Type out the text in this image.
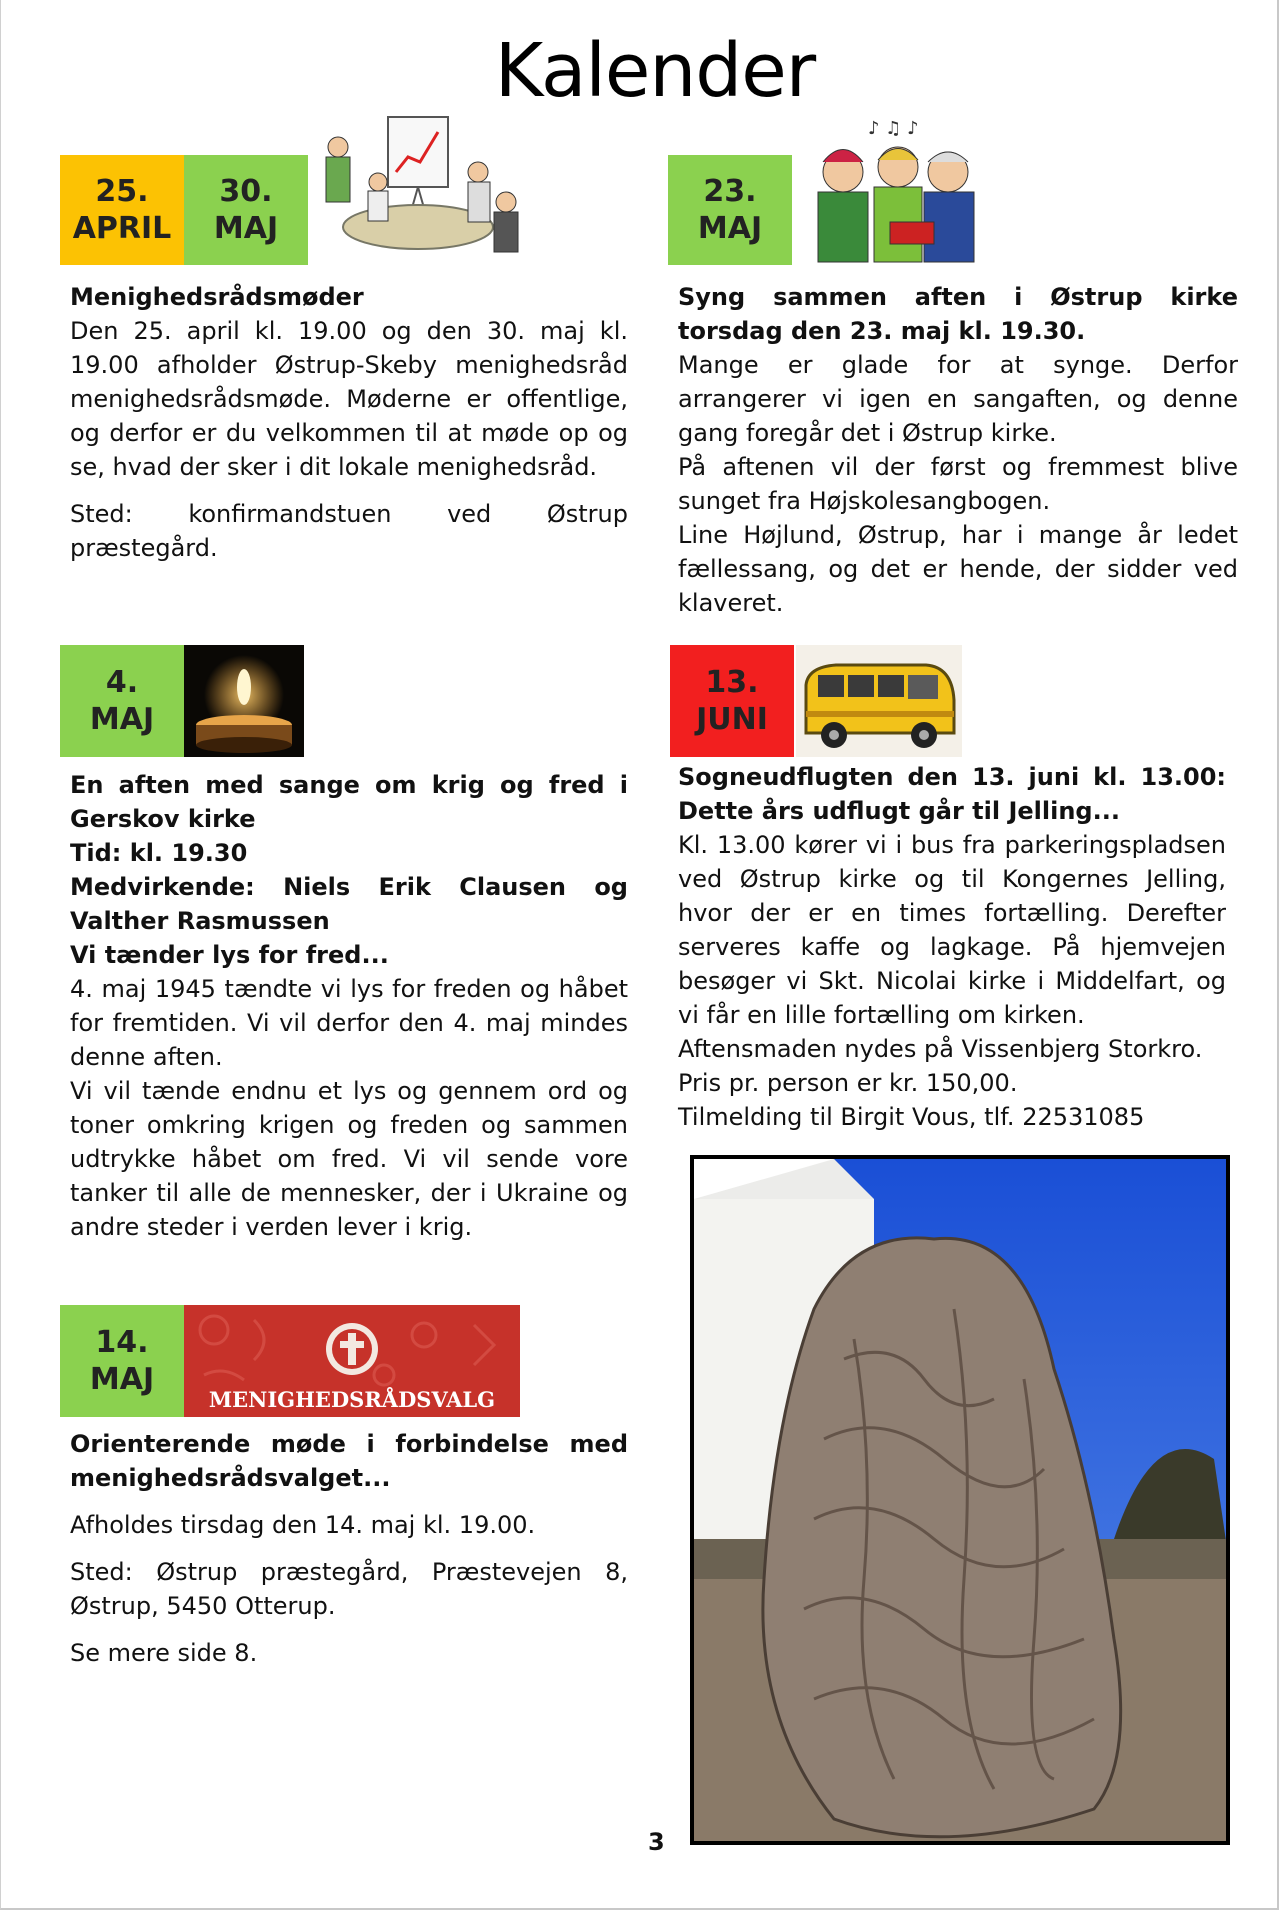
Kalender
25.
APRIL
30.
MAJ

Menighedsrådsmøder

Den 25. april kl. 19.00 og den 30. maj kl. 19.00 afholder Østrup-Skeby menighedsråd menighedsrådsmøde. Møderne er offentlige, og derfor er du velkommen til at møde op og se, hvad der sker i dit lokale menighedsråd.

Sted: konfirmandstuen ved Østrup præstegård.

23.
MAJ
♪ ♫ ♪

Syng sammen aften i Østrup kirke torsdag den 23. maj kl. 19.30.

Mange er glade for at synge. Derfor arrangerer vi igen en sangaften, og denne gang foregår det i Østrup kirke.

På aftenen vil der først og fremmest blive sunget fra Højskolesangbogen.

Line Højlund, Østrup, har i mange år ledet fællessang, og det er hende, der sidder ved klaveret.

4.
MAJ

En aften med sange om krig og fred i Gerskov kirke

Tid: kl. 19.30

Medvirkende: Niels Erik Clausen og Valther Rasmussen

Vi tænder lys for fred...

4. maj 1945 tændte vi lys for freden og håbet for fremtiden. Vi vil derfor den 4. maj mindes denne aften.

Vi vil tænde endnu et lys og gennem ord og toner omkring krigen og freden og sammen udtrykke håbet om fred. Vi vil sende vore tanker til alle de mennesker, der i Ukraine og andre steder i verden lever i krig.

13.
JUNI

Sogneudflugten den 13. juni kl. 13.00: Dette års udflugt går til Jelling...

Kl. 13.00 kører vi i bus fra parkeringspladsen ved Østrup kirke og til Kongernes Jelling, hvor der er en times fortælling. Derefter serveres kaffe og lagkage. På hjemvejen besøger vi Skt. Nicolai kirke i Middelfart, og vi får en lille fortælling om kirken.

Aftensmaden nydes på Vissenbjerg Storkro.

Pris pr. person er kr. 150,00.

Tilmelding til Birgit Vous, tlf. 22531085

14.
MAJ
MENIGHEDSRÅDSVALG

Orienterende møde i forbindelse med menighedsrådsvalget...

Afholdes tirsdag den 14. maj kl. 19.00.

Sted: Østrup præstegård, Præstevejen 8, Østrup, 5450 Otterup.

Se mere side 8.

3
